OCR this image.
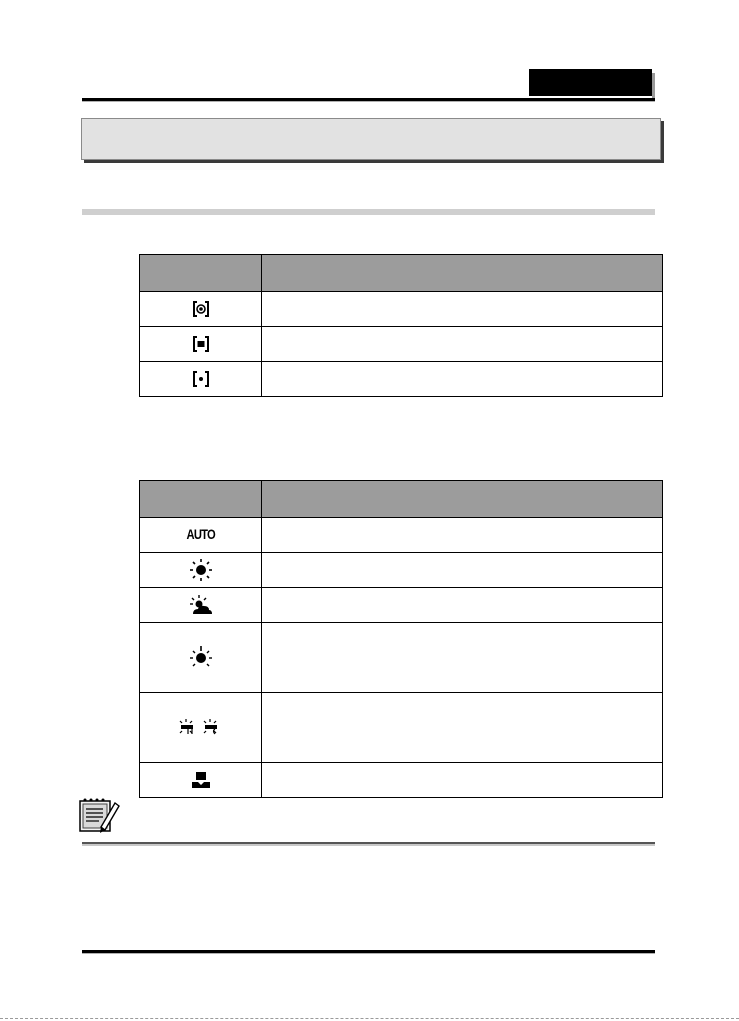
AUTO	
